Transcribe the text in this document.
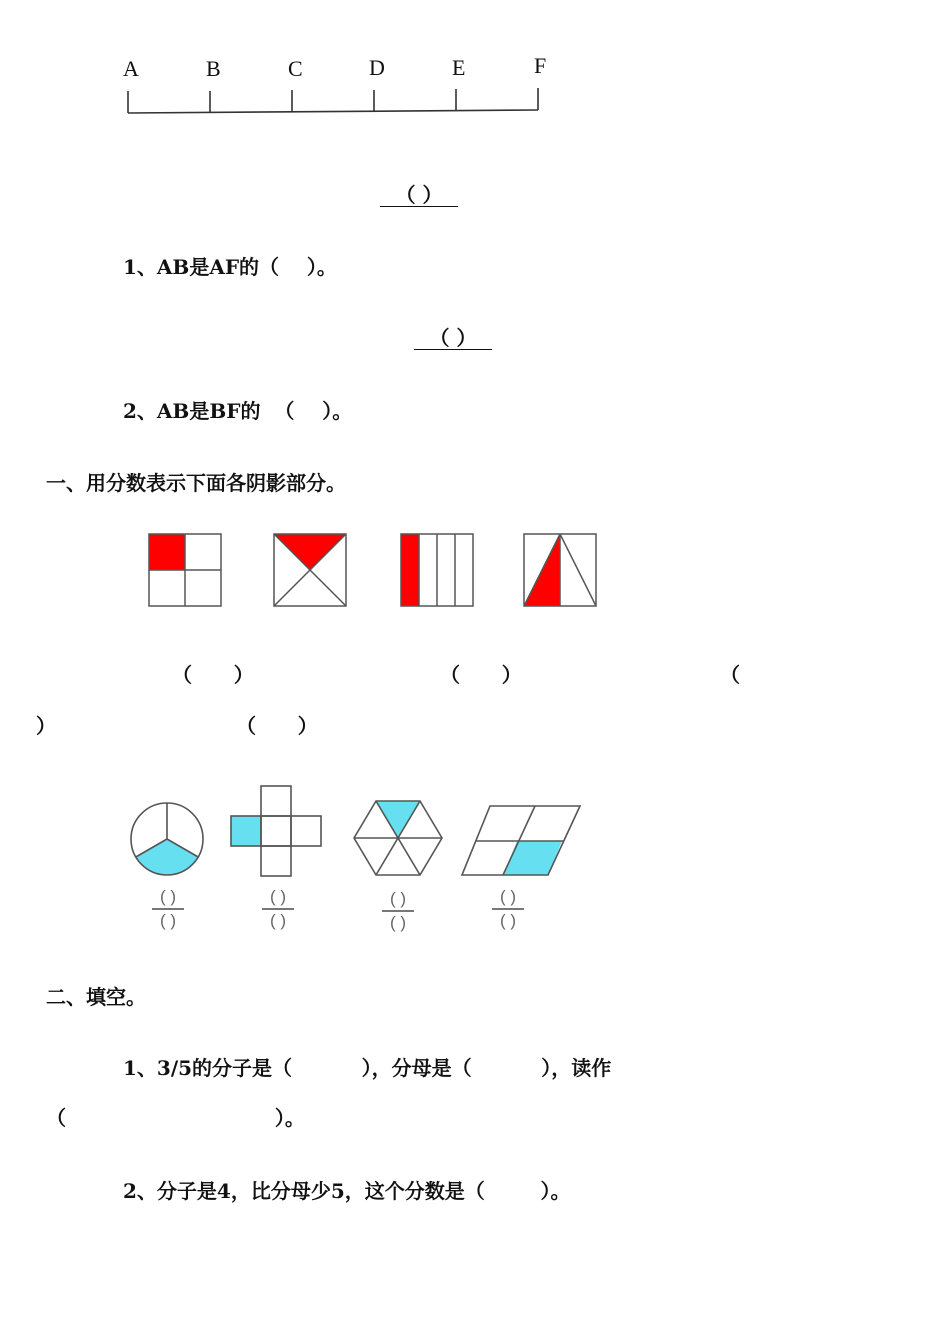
A	B	C	D	E	F
（ ）
1、AB是AF的（    ）。
（ ）
2、AB是BF的  （    ）。
一、用分数表示下面各阴影部分。
（      ）	（      ）	（
）	（      ）
( )
( )
( )
( )
( )
( )
( )
( )
二、填空。
1、3/5的分子是（          ），分母是（          ），读作
（                              ）。
2、分子是4，比分母少5，这个分数是（        ）。
